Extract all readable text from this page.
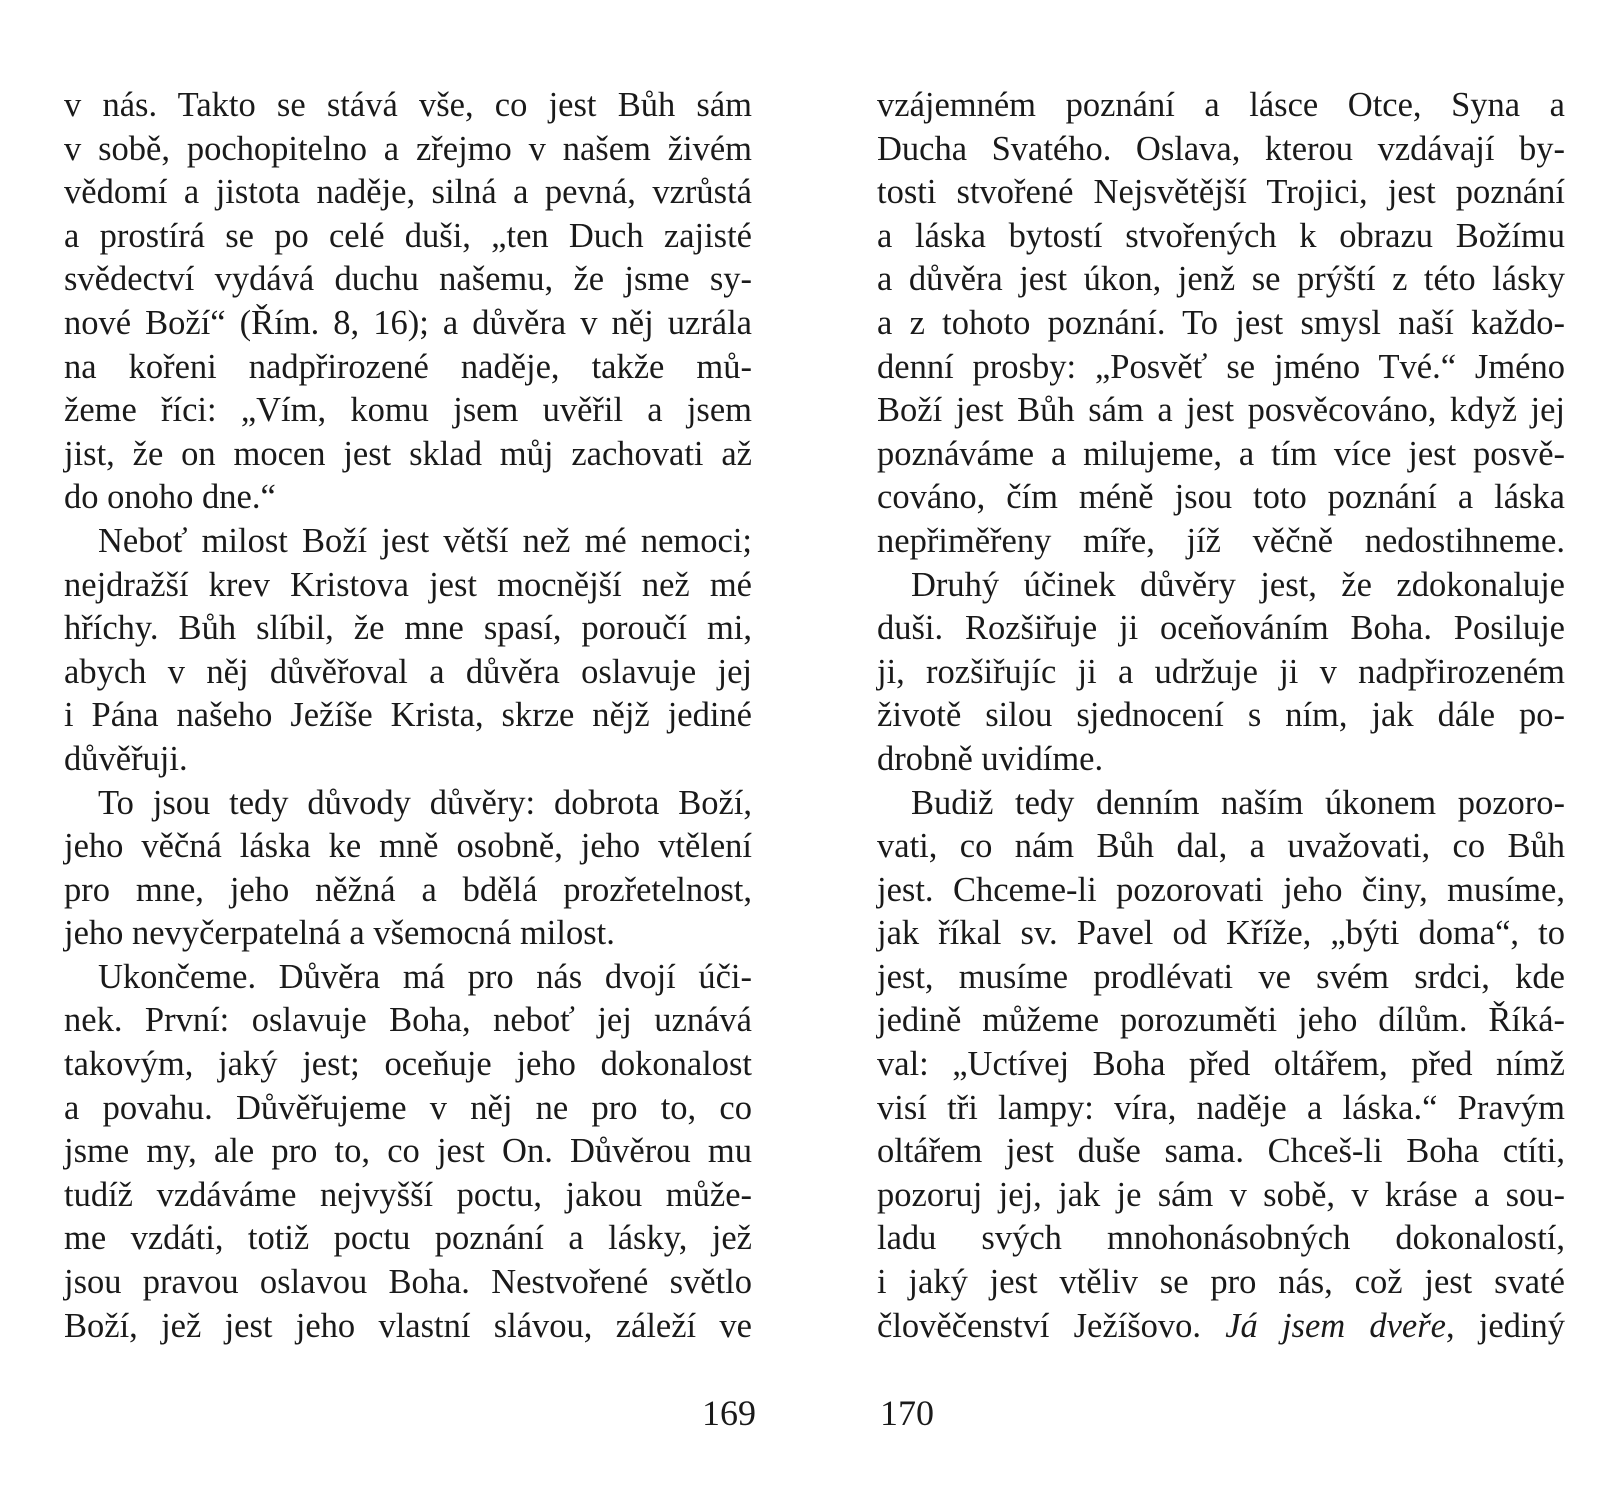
v nás. Takto se stává vše, co jest Bůh sám
v sobě, pochopitelno a zřejmo v našem živém
vědomí a jistota naděje, silná a pevná, vzrůstá
a prostírá se po celé duši, „ten Duch zajisté
svědectví vydává duchu našemu, že jsme sy-
nové Boží“ (Řím. 8, 16); a důvěra v něj uzrála
na kořeni nadpřirozené naděje, takže mů-
žeme říci: „Vím, komu jsem uvěřil a jsem
jist, že on mocen jest sklad můj zachovati až
do onoho dne.“
Neboť milost Boží jest větší než mé nemoci;
nejdražší krev Kristova jest mocnější než mé
hříchy. Bůh slíbil, že mne spasí, poroučí mi,
abych v něj důvěřoval a důvěra oslavuje jej
i Pána našeho Ježíše Krista, skrze nějž jediné
důvěřuji.
To jsou tedy důvody důvěry: dobrota Boží,
jeho věčná láska ke mně osobně, jeho vtělení
pro mne, jeho něžná a bdělá prozřetelnost,
jeho nevyčerpatelná a všemocná milost.
Ukončeme. Důvěra má pro nás dvojí úči-
nek. První: oslavuje Boha, neboť jej uznává
takovým, jaký jest; oceňuje jeho dokonalost
a povahu. Důvěřujeme v něj ne pro to, co
jsme my, ale pro to, co jest On. Důvěrou mu
tudíž vzdáváme nejvyšší poctu, jakou může-
me vzdáti, totiž poctu poznání a lásky, jež
jsou pravou oslavou Boha. Nestvořené světlo
Boží, jež jest jeho vlastní slávou, záleží ve
vzájemném poznání a lásce Otce, Syna a
Ducha Svatého. Oslava, kterou vzdávají by-
tosti stvořené Nejsvětější Trojici, jest poznání
a láska bytostí stvořených k obrazu Božímu
a důvěra jest úkon, jenž se prýští z této lásky
a z tohoto poznání. To jest smysl naší každo-
denní prosby: „Posvěť se jméno Tvé.“ Jméno
Boží jest Bůh sám a jest posvěcováno, když jej
poznáváme a milujeme, a tím více jest posvě-
cováno, čím méně jsou toto poznání a láska
nepřiměřeny míře, jíž věčně nedostihneme.
Druhý účinek důvěry jest, že zdokonaluje
duši. Rozšiřuje ji oceňováním Boha. Posiluje
ji, rozšiřujíc ji a udržuje ji v nadpřirozeném
životě silou sjednocení s ním, jak dále po-
drobně uvidíme.
Budiž tedy denním naším úkonem pozoro-
vati, co nám Bůh dal, a uvažovati, co Bůh
jest. Chceme-li pozorovati jeho činy, musíme,
jak říkal sv. Pavel od Kříže, „býti doma“, to
jest, musíme prodlévati ve svém srdci, kde
jedině můžeme porozuměti jeho dílům. Říká-
val: „Uctívej Boha před oltářem, před nímž
visí tři lampy: víra, naděje a láska.“ Pravým
oltářem jest duše sama. Chceš-li Boha ctíti,
pozoruj jej, jak je sám v sobě, v kráse a sou-
ladu svých mnohonásobných dokonalostí,
i jaký jest vtěliv se pro nás, což jest svaté
člověčenství Ježíšovo. Já jsem dveře, jediný
169	170
